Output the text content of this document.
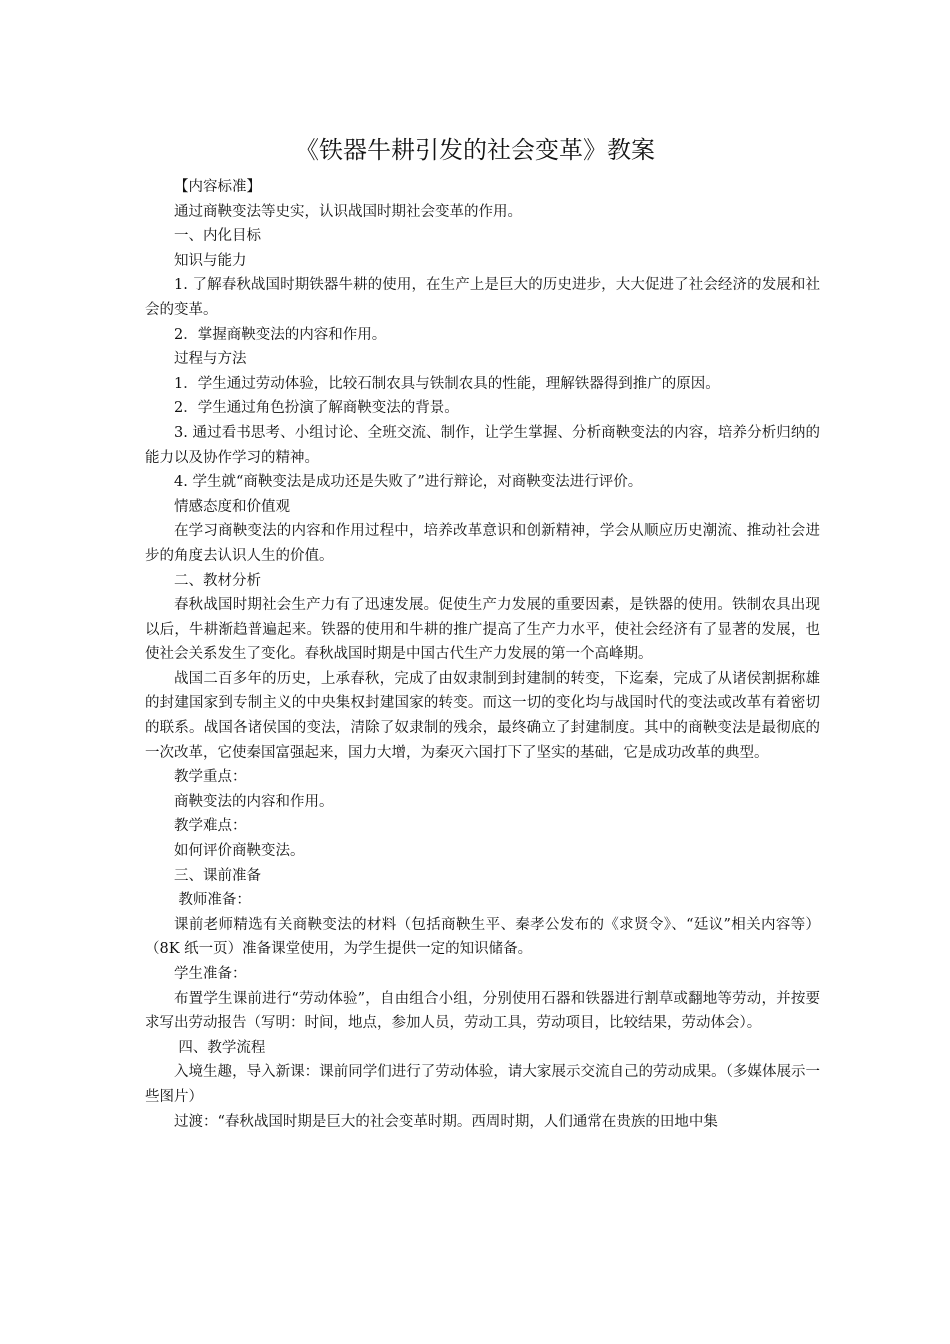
《铁器牛耕引发的社会变革》教案

【内容标准】

通过商鞅变法等史实，认识战国时期社会变革的作用。

一、内化目标

知识与能力

1. 了解春秋战国时期铁器牛耕的使用，在生产上是巨大的历史进步，大大促进了社会经济的发展和社会的变革。

2．掌握商鞅变法的内容和作用。

过程与方法

1．学生通过劳动体验，比较石制农具与铁制农具的性能，理解铁器得到推广的原因。

2．学生通过角色扮演了解商鞅变法的背景。

3. 通过看书思考、小组讨论、全班交流、制作，让学生掌握、分析商鞅变法的内容，培养分析归纳的能力以及协作学习的精神。

4. 学生就“商鞅变法是成功还是失败了”进行辩论，对商鞅变法进行评价。

情感态度和价值观

在学习商鞅变法的内容和作用过程中，培养改革意识和创新精神，学会从顺应历史潮流、推动社会进步的角度去认识人生的价值。

二、教材分析

春秋战国时期社会生产力有了迅速发展。促使生产力发展的重要因素，是铁器的使用。铁制农具出现以后，牛耕渐趋普遍起来。铁器的使用和牛耕的推广提高了生产力水平，使社会经济有了显著的发展，也使社会关系发生了变化。春秋战国时期是中国古代生产力发展的第一个高峰期。

战国二百多年的历史，上承春秋，完成了由奴隶制到封建制的转变，下迄秦，完成了从诸侯割据称雄的封建国家到专制主义的中央集权封建国家的转变。而这一切的变化均与战国时代的变法或改革有着密切的联系。战国各诸侯国的变法，清除了奴隶制的残余，最终确立了封建制度。其中的商鞅变法是最彻底的一次改革，它使秦国富强起来，国力大增，为秦灭六国打下了坚实的基础，它是成功改革的典型。

教学重点：

商鞅变法的内容和作用。

教学难点：

如何评价商鞅变法。

三、课前准备

教师准备：

课前老师精选有关商鞅变法的材料（包括商鞅生平、秦孝公发布的《求贤令》、“廷议”相关内容等）（8K 纸一页）准备课堂使用，为学生提供一定的知识储备。

学生准备：

布置学生课前进行“劳动体验”，自由组合小组，分别使用石器和铁器进行割草或翻地等劳动，并按要求写出劳动报告（写明：时间，地点，参加人员，劳动工具，劳动项目，比较结果，劳动体会）。

四、教学流程

入境生趣，导入新课：课前同学们进行了劳动体验，请大家展示交流自己的劳动成果。（多媒体展示一些图片）

过渡：“春秋战国时期是巨大的社会变革时期。西周时期，人们通常在贵族的田地中集
